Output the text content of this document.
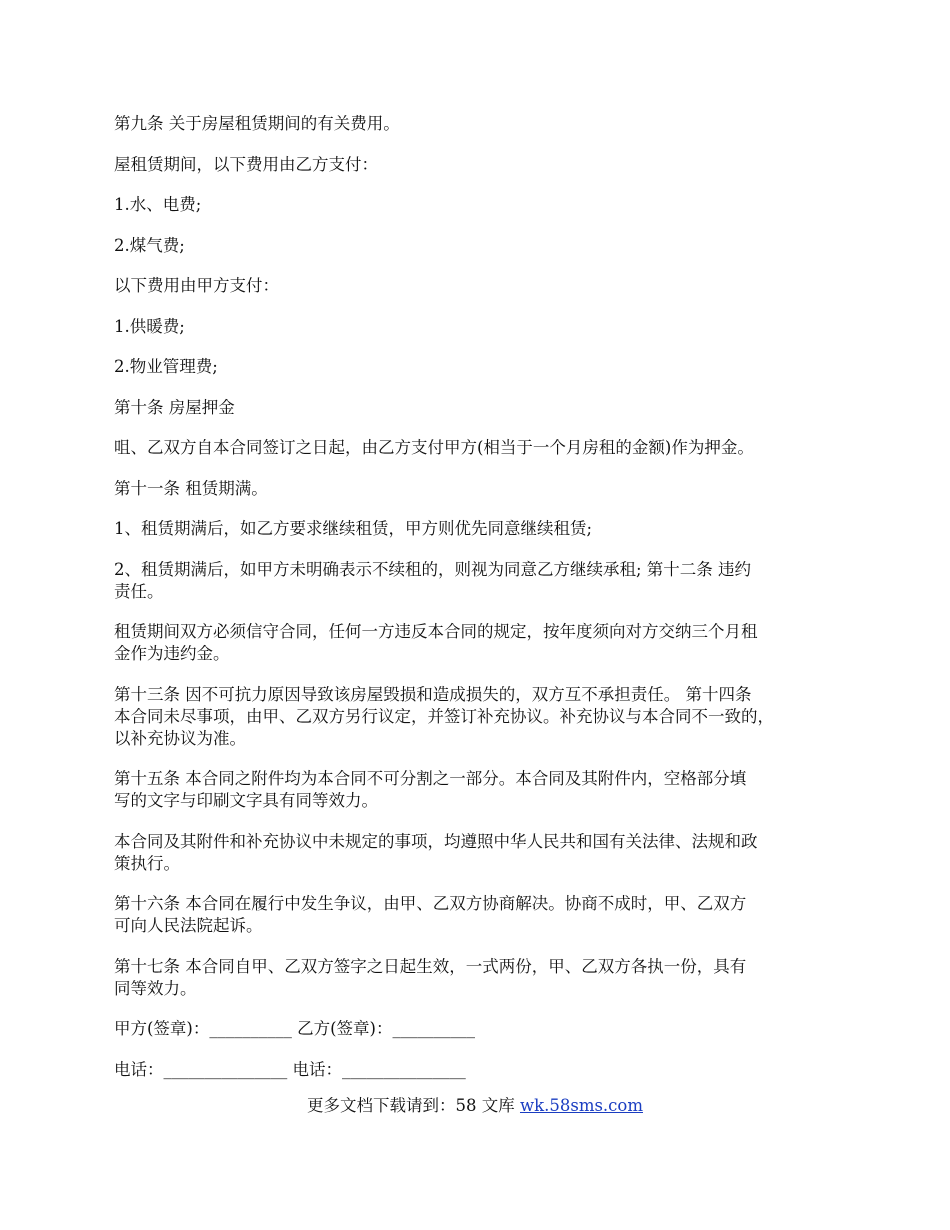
第九条 关于房屋租赁期间的有关费用。

屋租赁期间，以下费用由乙方支付：

1.水、电费;

2.煤气费;

以下费用由甲方支付：

1.供暖费;

2.物业管理费;

第十条 房屋押金

咀、乙双方自本合同签订之日起，由乙方支付甲方(相当于一个月房租的金额)作为押金。

第十一条 租赁期满。

1、租赁期满后，如乙方要求继续租赁，甲方则优先同意继续租赁;

2、租赁期满后，如甲方未明确表示不续租的，则视为同意乙方继续承租; 第十二条 违约
责任。

租赁期间双方必须信守合同，任何一方违反本合同的规定，按年度须向对方交纳三个月租
金作为违约金。

第十三条 因不可抗力原因导致该房屋毁损和造成损失的，双方互不承担责任。 第十四条
本合同未尽事项，由甲、乙双方另行议定，并签订补充协议。补充协议与本合同不一致的，
以补充协议为准。

第十五条 本合同之附件均为本合同不可分割之一部分。本合同及其附件内，空格部分填
写的文字与印刷文字具有同等效力。

本合同及其附件和补充协议中未规定的事项，均遵照中华人民共和国有关法律、法规和政
策执行。

第十六条 本合同在履行中发生争议，由甲、乙双方协商解决。协商不成时，甲、乙双方
可向人民法院起诉。

第十七条 本合同自甲、乙双方签字之日起生效，一式两份，甲、乙双方各执一份，具有
同等效力。

甲方(签章)：__________ 乙方(签章)：__________

电话：_______________ 电话：_______________

更多文档下载请到：58 文库 wk.58sms.com
